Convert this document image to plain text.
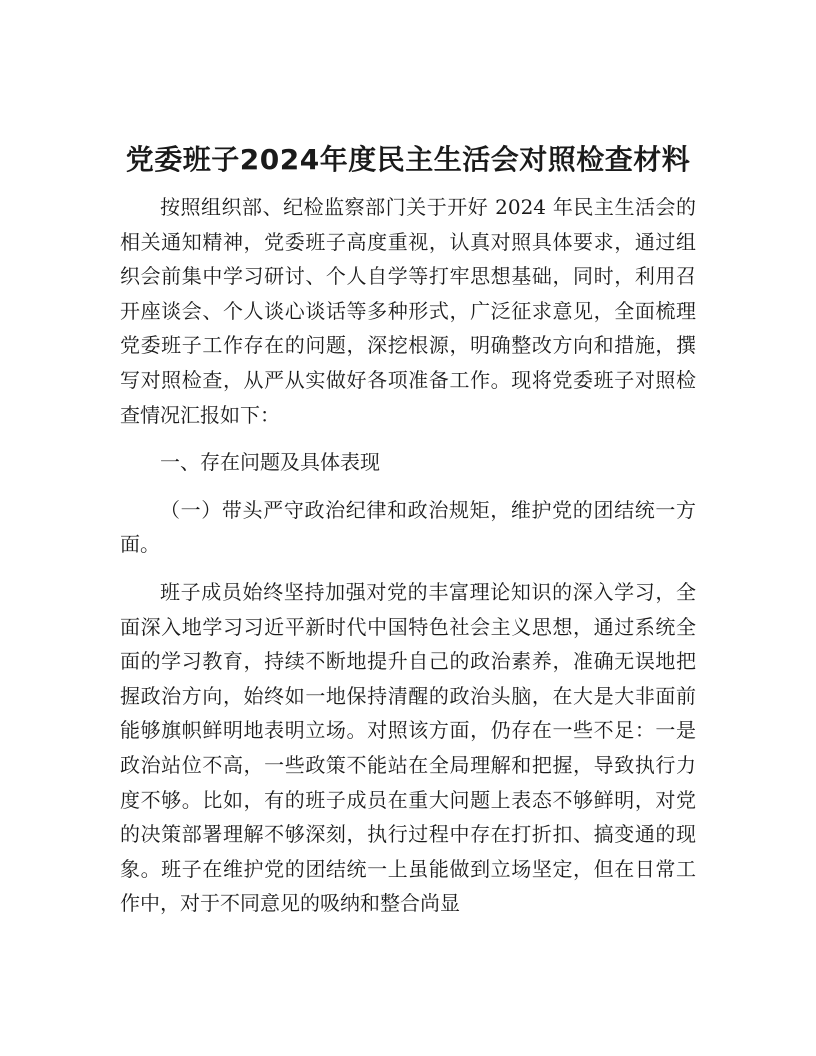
党委班子2024年度民主生活会对照检查材料

按照组织部、纪检监察部门关于开好 2024 年民主生活会的相关通知精神，党委班子高度重视，认真对照具体要求，通过组织会前集中学习研讨、个人自学等打牢思想基础，同时，利用召开座谈会、个人谈心谈话等多种形式，广泛征求意见，全面梳理党委班子工作存在的问题，深挖根源，明确整改方向和措施，撰写对照检查，从严从实做好各项准备工作。现将党委班子对照检查情况汇报如下：

一、存在问题及具体表现

（一）带头严守政治纪律和政治规矩，维护党的团结统一方面。

班子成员始终坚持加强对党的丰富理论知识的深入学习，全面深入地学习习近平新时代中国特色社会主义思想，通过系统全面的学习教育，持续不断地提升自己的政治素养，准确无误地把握政治方向，始终如一地保持清醒的政治头脑，在大是大非面前能够旗帜鲜明地表明立场。对照该方面，仍存在一些不足：一是政治站位不高，一些政策不能站在全局理解和把握，导致执行力度不够。比如，有的班子成员在重大问题上表态不够鲜明，对党的决策部署理解不够深刻，执行过程中存在打折扣、搞变通的现象。班子在维护党的团结统一上虽能做到立场坚定，但在日常工作中，对于不同意见的吸纳和整合尚显
